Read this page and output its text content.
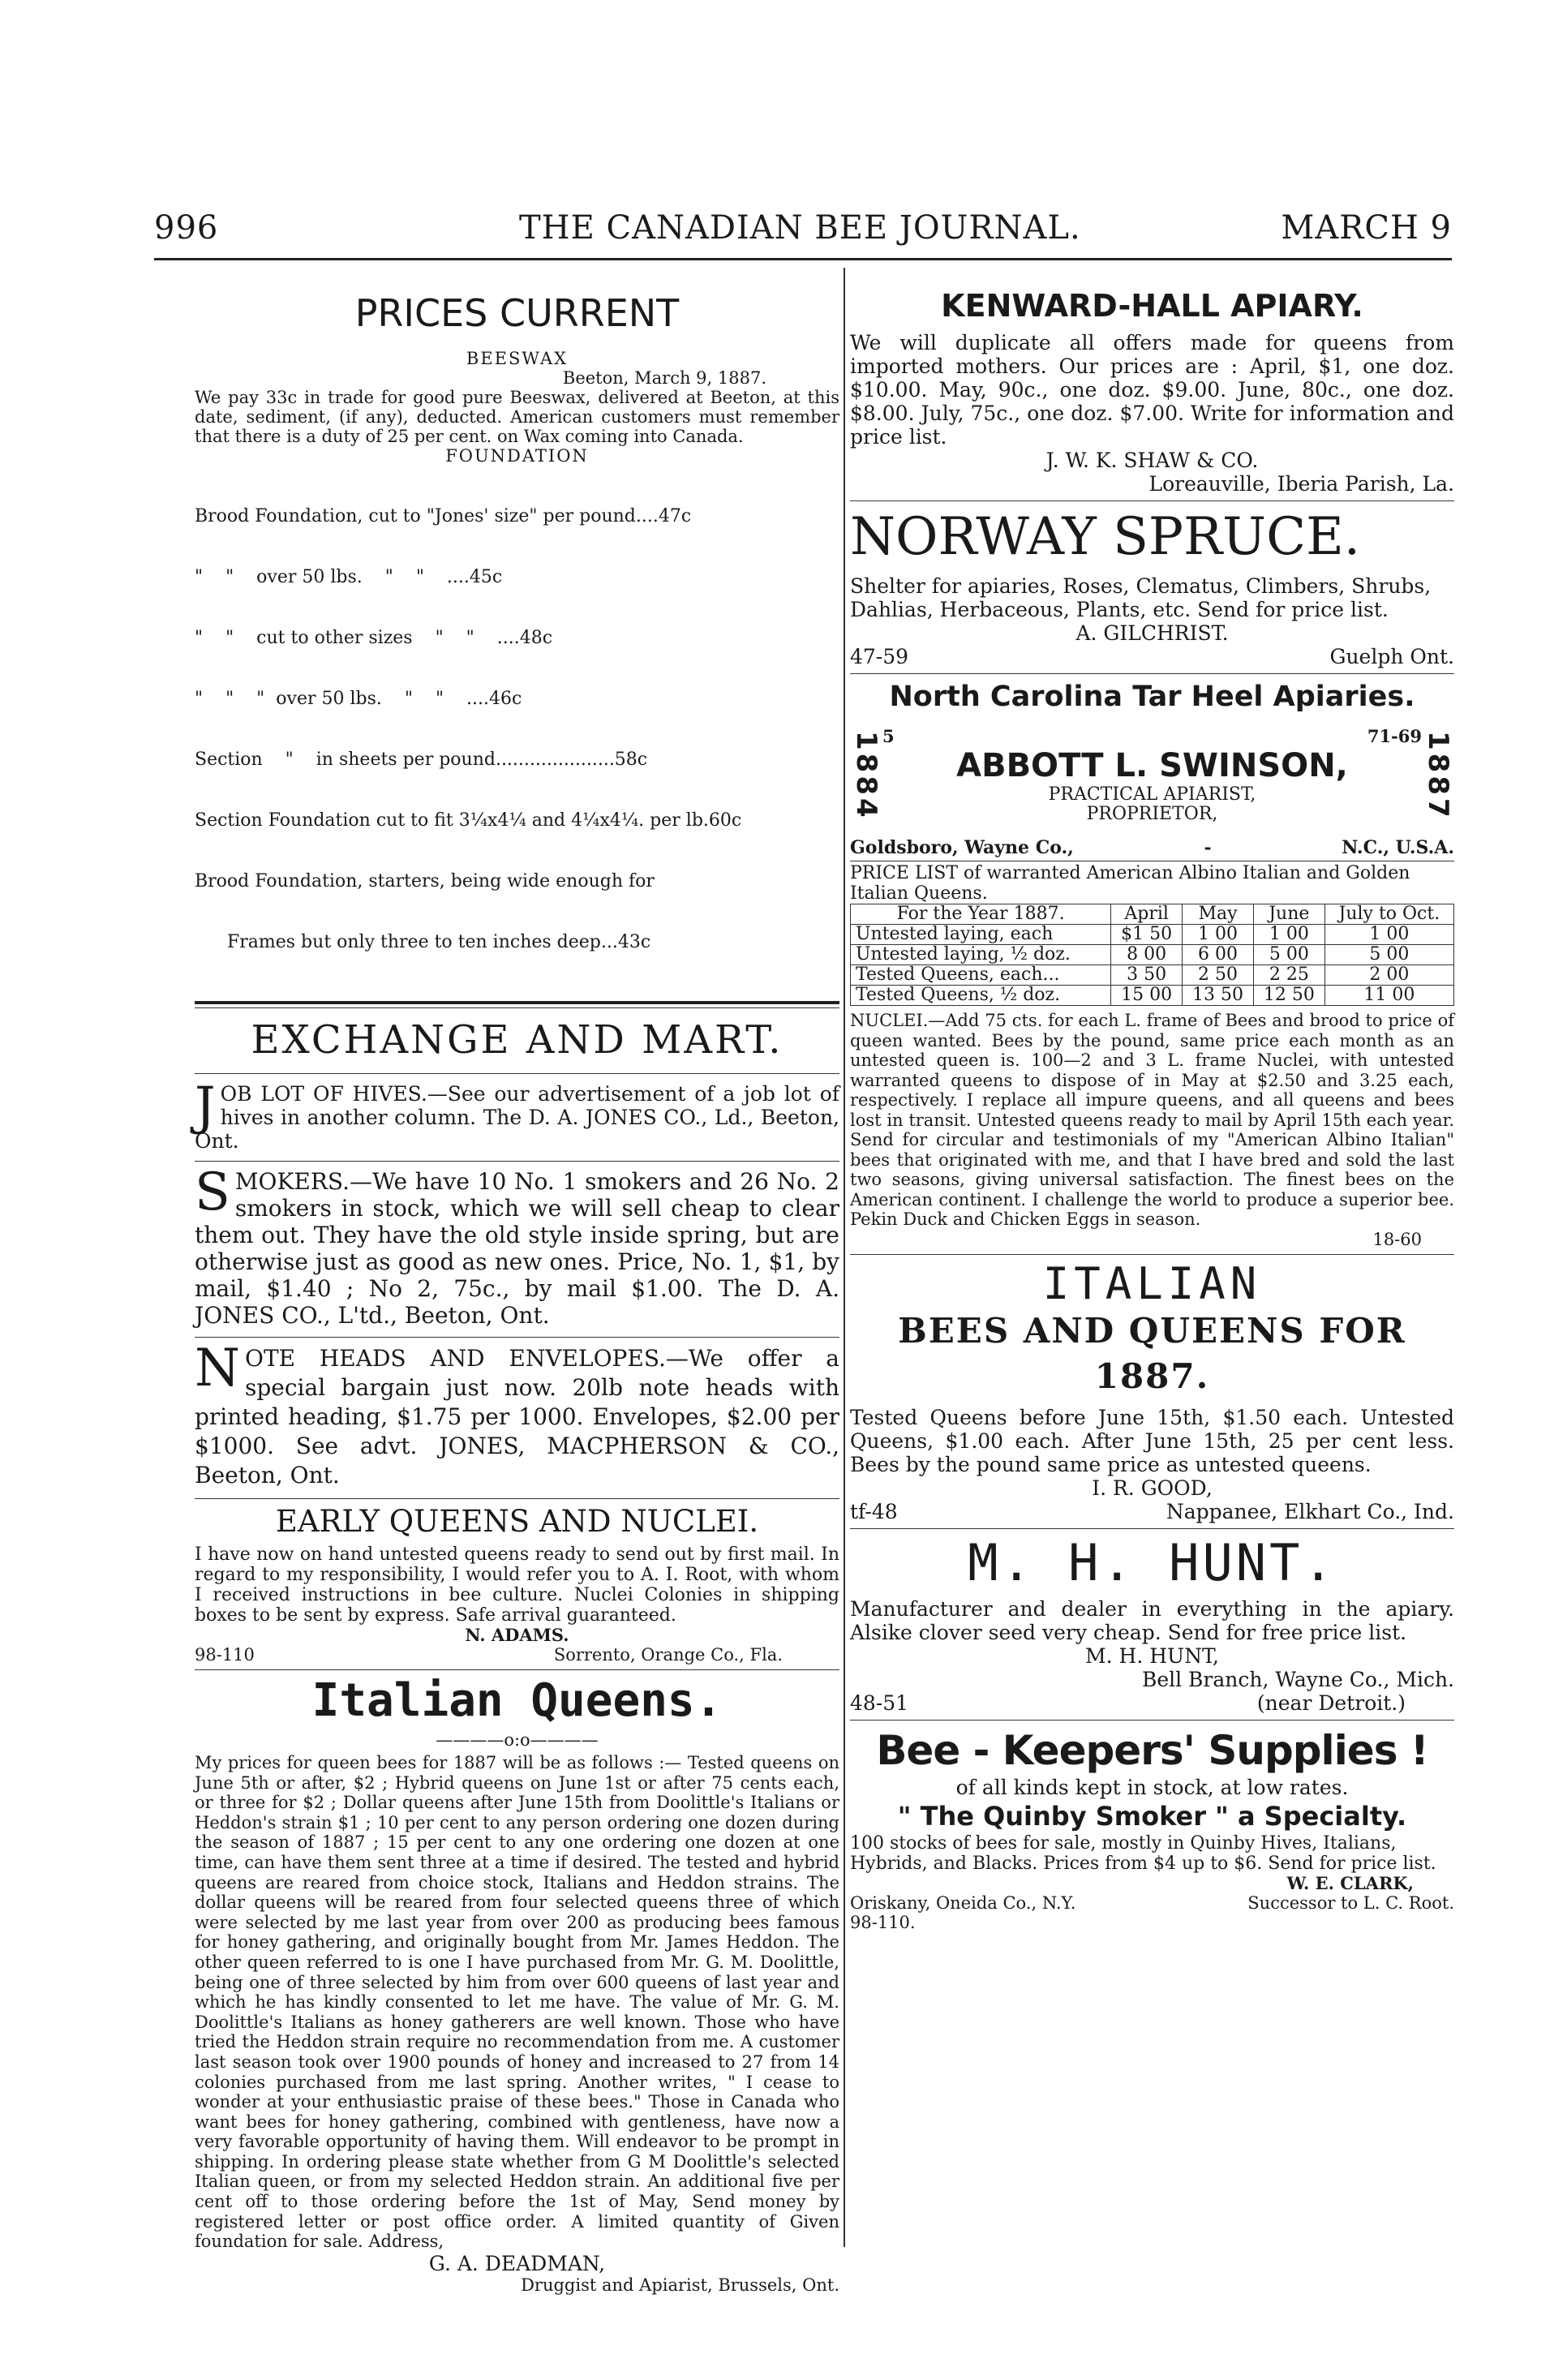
996	THE CANADIAN BEE JOURNAL.	MARCH 9

PRICES CURRENT

BEESWAX

Beeton, March 9, 1887.

We pay 33c in trade for good pure Beeswax, delivered at Beeton, at this date, sediment, (if any), deducted. American customers must remember that there is a duty of 25 per cent. on Wax coming into Canada.

FOUNDATION

Brood Foundation, cut to "Jones' size" per pound....47c

"    "    over 50 lbs.    "    "    ....45c

"    "    cut to other sizes    "    "    ....48c

"    "    "  over 50 lbs.    "    "    ....46c

Section    "    in sheets per pound.....................58c

Section Foundation cut to fit 3¼x4¼ and 4¼x4¼. per lb.60c

Brood Foundation, starters, being wide enough for

Frames but only three to ten inches deep...43c

EXCHANGE AND MART.

JOB LOT OF HIVES.—See our advertisement of a job lot of hives in another column. The D. A. JONES CO., Ld., Beeton, Ont.

SMOKERS.—We have 10 No. 1 smokers and 26 No. 2 smokers in stock, which we will sell cheap to clear them out. They have the old style inside spring, but are otherwise just as good as new ones. Price, No. 1, $1, by mail, $1.40 ; No 2, 75c., by mail $1.00. The D. A. JONES CO., L'td., Beeton, Ont.

NOTE HEADS AND ENVELOPES.—We offer a special bargain just now. 20lb note heads with printed heading, $1.75 per 1000. Envelopes, $2.00 per $1000. See advt. JONES, MACPHERSON & CO., Beeton, Ont.

EARLY QUEENS AND NUCLEI.

I have now on hand untested queens ready to send out by first mail. In regard to my responsibility, I would refer you to A. I. Root, with whom I received instructions in bee culture. Nuclei Colonies in shipping boxes to be sent by express. Safe arrival guaranteed.

N. ADAMS.

98-110	Sorrento, Orange Co., Fla.

Italian Queens.

————o:o————

My prices for queen bees for 1887 will be as follows :— Tested queens on June 5th or after, $2 ; Hybrid queens on June 1st or after 75 cents each, or three for $2 ; Dollar queens after June 15th from Doolittle's Italians or Heddon's strain $1 ; 10 per cent to any person ordering one dozen during the season of 1887 ; 15 per cent to any one ordering one dozen at one time, can have them sent three at a time if desired. The tested and hybrid queens are reared from choice stock, Italians and Heddon strains. The dollar queens will be reared from four selected queens three of which were selected by me last year from over 200 as producing bees famous for honey gathering, and originally bought from Mr. James Heddon. The other queen referred to is one I have purchased from Mr. G. M. Doolittle, being one of three selected by him from over 600 queens of last year and which he has kindly consented to let me have. The value of Mr. G. M. Doolittle's Italians as honey gatherers are well known. Those who have tried the Heddon strain require no recommendation from me. A customer last season took over 1900 pounds of honey and increased to 27 from 14 colonies purchased from me last spring. Another writes, " I cease to wonder at your enthusiastic praise of these bees." Those in Canada who want bees for honey gathering, combined with gentleness, have now a very favorable opportunity of having them. Will endeavor to be prompt in shipping. In ordering please state whether from G M Doolittle's selected Italian queen, or from my selected Heddon strain. An additional five per cent off to those ordering before the 1st of May, Send money by registered letter or post office order. A limited quantity of Given foundation for sale. Address,

G. A. DEADMAN,

Druggist and Apiarist, Brussels, Ont.

KENWARD-HALL APIARY.

We will duplicate all offers made for queens from imported mothers. Our prices are : April, $1, one doz. $10.00. May, 90c., one doz. $9.00. June, 80c., one doz. $8.00. July, 75c., one doz. $7.00. Write for information and price list.

J. W. K. SHAW & CO.

Loreauville, Iberia Parish, La.

NORWAY SPRUCE.

Shelter for apiaries, Roses, Clematus, Climbers, Shrubs, Dahlias, Herbaceous, Plants, etc. Send for price list.

A. GILCHRIST.

47-59	Guelph Ont.

North Carolina Tar Heel Apiaries.

1884 5	71-69

ABBOTT L. SWINSON,

PRACTICAL APIARIST,

PROPRIETOR,	1887
Goldsboro, Wayne Co.,	-	N.C., U.S.A.

PRICE LIST of warranted American Albino Italian and Golden Italian Queens.

For the Year 1887.	April	May	June	July to Oct.
Untested laying, each	$1 50	1 00	1 00	1 00
Untested laying, ½ doz.	8 00	6 00	5 00	5 00
Tested Queens, each...	3 50	2 50	2 25	2 00
Tested Queens, ½ doz.	15 00	13 50	12 50	11 00

NUCLEI.—Add 75 cts. for each L. frame of Bees and brood to price of queen wanted. Bees by the pound, same price each month as an untested queen is. 100—2 and 3 L. frame Nuclei, with untested warranted queens to dispose of in May at $2.50 and 3.25 each, respectively. I replace all impure queens, and all queens and bees lost in transit. Untested queens ready to mail by April 15th each year. Send for circular and testimonials of my "American Albino Italian" bees that originated with me, and that I have bred and sold the last two seasons, giving universal satisfaction. The finest bees on the American continent. I challenge the world to produce a superior bee. Pekin Duck and Chicken Eggs in season.

18-60

ITALIAN

BEES AND QUEENS FOR 1887.

Tested Queens before June 15th, $1.50 each. Untested Queens, $1.00 each. After June 15th, 25 per cent less. Bees by the pound same price as untested queens.

I. R. GOOD,

tf-48	Nappanee, Elkhart Co., Ind.

M. H. HUNT.

Manufacturer and dealer in everything in the apiary. Alsike clover seed very cheap. Send for free price list.

M. H. HUNT,

Bell Branch, Wayne Co., Mich.

48-51	(near Detroit.)

Bee - Keepers' Supplies !

of all kinds kept in stock, at low rates.

" The Quinby Smoker " a Specialty.

100 stocks of bees for sale, mostly in Quinby Hives, Italians, Hybrids, and Blacks. Prices from $4 up to $6. Send for price list.

W. E. CLARK,

Oriskany, Oneida Co., N.Y.	Successor to L. C. Root.

98-110.
